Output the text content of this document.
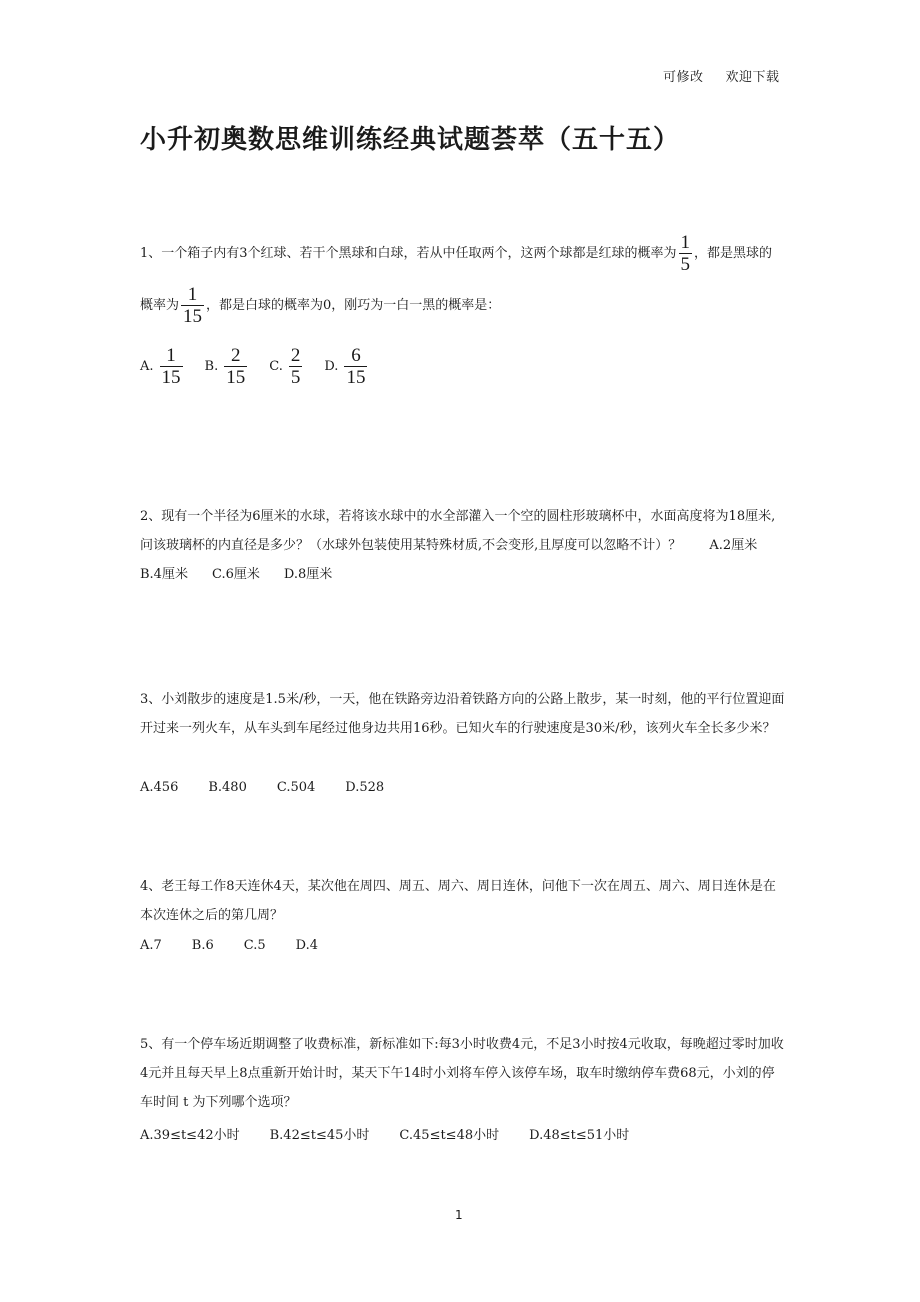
可修改 欢迎下载
小升初奥数思维训练经典试题荟萃（五十五）
1、一个箱子内有3个红球、若干个黑球和白球，若从中任取两个，这两个球都是红球的概率为 $\frac{1}{5}$ ，都是黑球的概率为 $\frac{1}{15}$ ，都是白球的概率为0，刚巧为一白一黑的概率是：
A. $\frac{1}{15} B$. $\frac{2}{15} C$. $\frac{2}{5} D$. $\frac{6}{15}$
2、现有一个半径为6厘米的水球，若将该水球中的水全部灌入一个空的圆柱形玻璃杯中，水面高度将为18厘米,问该玻璃杯的内直径是多少？（水球外包装使用某特殊材质,不会变形,且厚度可以忽略不计）？ A.2厘米B.4厘米 C.6厘米 D.8厘米
3、小刘散步的速度是1.5米/秒，一天，他在铁路旁边沿着铁路方向的公路上散步，某一时刻，他的平行位置迎面开过来一列火车，从车头到车尾经过他身边共用16秒。已知火车的行驶速度是30米/秒，该列火车全长多少米？
A.456 B.480 C.504 D.528
4、老王每工作8天连休4天，某次他在周四、周五、周六、周日连休，问他下一次在周五、周六、周日连休是在本次连休之后的第几周？
A.7 B.6 C.5 D.4
5、有一个停车场近期调整了收费标准，新标准如下:每3小时收费4元，不足3小时按4元收取，每晚超过零时加收4元并且每天早上8点重新开始计时，某天下午14时小刘将车停入该停车场，取车时缴纳停车费68元，小刘的停车时间 t 为下列哪个选项？
A.39≤t≤42小时 B.42≤t≤45小时 C.45≤t≤48小时 D.48≤t≤51小时
1
